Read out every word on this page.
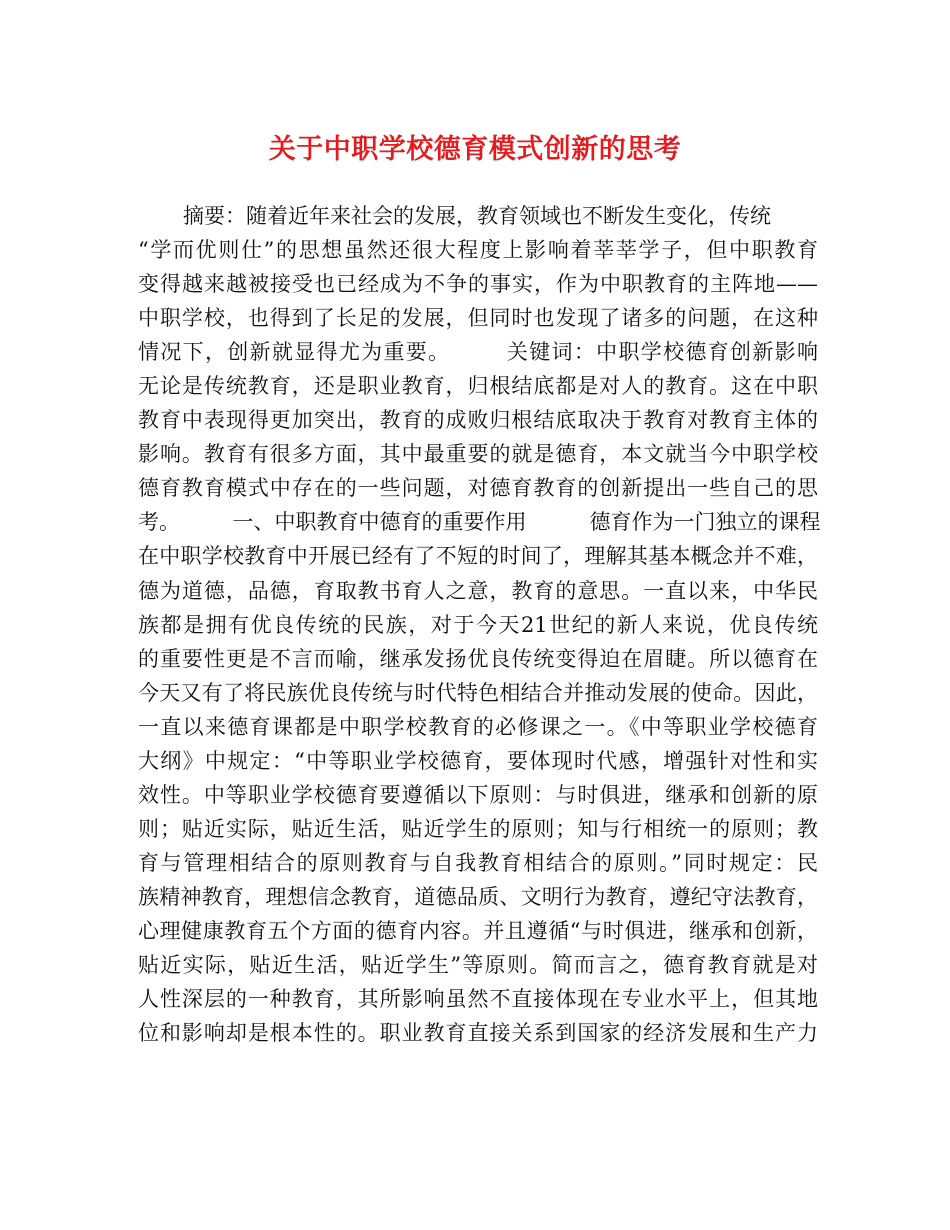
关于中职学校德育模式创新的思考
摘要：随着近年来社会的发展，教育领域也不断发生变化，传统
“学而优则仕”的思想虽然还很大程度上影响着莘莘学子，但中职教育
变得越来越被接受也已经成为不争的事实，作为中职教育的主阵地——
中职学校，也得到了长足的发展，但同时也发现了诸多的问题，在这种
情况下，创新就显得尤为重要。　　　关键词：中职学校德育创新影响
无论是传统教育，还是职业教育，归根结底都是对人的教育。这在中职
教育中表现得更加突出，教育的成败归根结底取决于教育对教育主体的
影响。教育有很多方面，其中最重要的就是德育，本文就当今中职学校
德育教育模式中存在的一些问题，对德育教育的创新提出一些自己的思
考。　　　一、中职教育中德育的重要作用　　　德育作为一门独立的课程
在中职学校教育中开展已经有了不短的时间了，理解其基本概念并不难，
德为道德，品德，育取教书育人之意，教育的意思。一直以来，中华民
族都是拥有优良传统的民族，对于今天21世纪的新人来说，优良传统
的重要性更是不言而喻，继承发扬优良传统变得迫在眉睫。所以德育在
今天又有了将民族优良传统与时代特色相结合并推动发展的使命。因此，
一直以来德育课都是中职学校教育的必修课之一。《中等职业学校德育
大纲》中规定：“中等职业学校德育，要体现时代感，增强针对性和实
效性。中等职业学校德育要遵循以下原则：与时俱进，继承和创新的原
则；贴近实际，贴近生活，贴近学生的原则；知与行相统一的原则；教
育与管理相结合的原则教育与自我教育相结合的原则。”同时规定：民
族精神教育，理想信念教育，道德品质、文明行为教育，遵纪守法教育，
心理健康教育五个方面的德育内容。并且遵循“与时俱进，继承和创新，
贴近实际，贴近生活，贴近学生”等原则。简而言之，德育教育就是对
人性深层的一种教育，其所影响虽然不直接体现在专业水平上，但其地
位和影响却是根本性的。职业教育直接关系到国家的经济发展和生产力
